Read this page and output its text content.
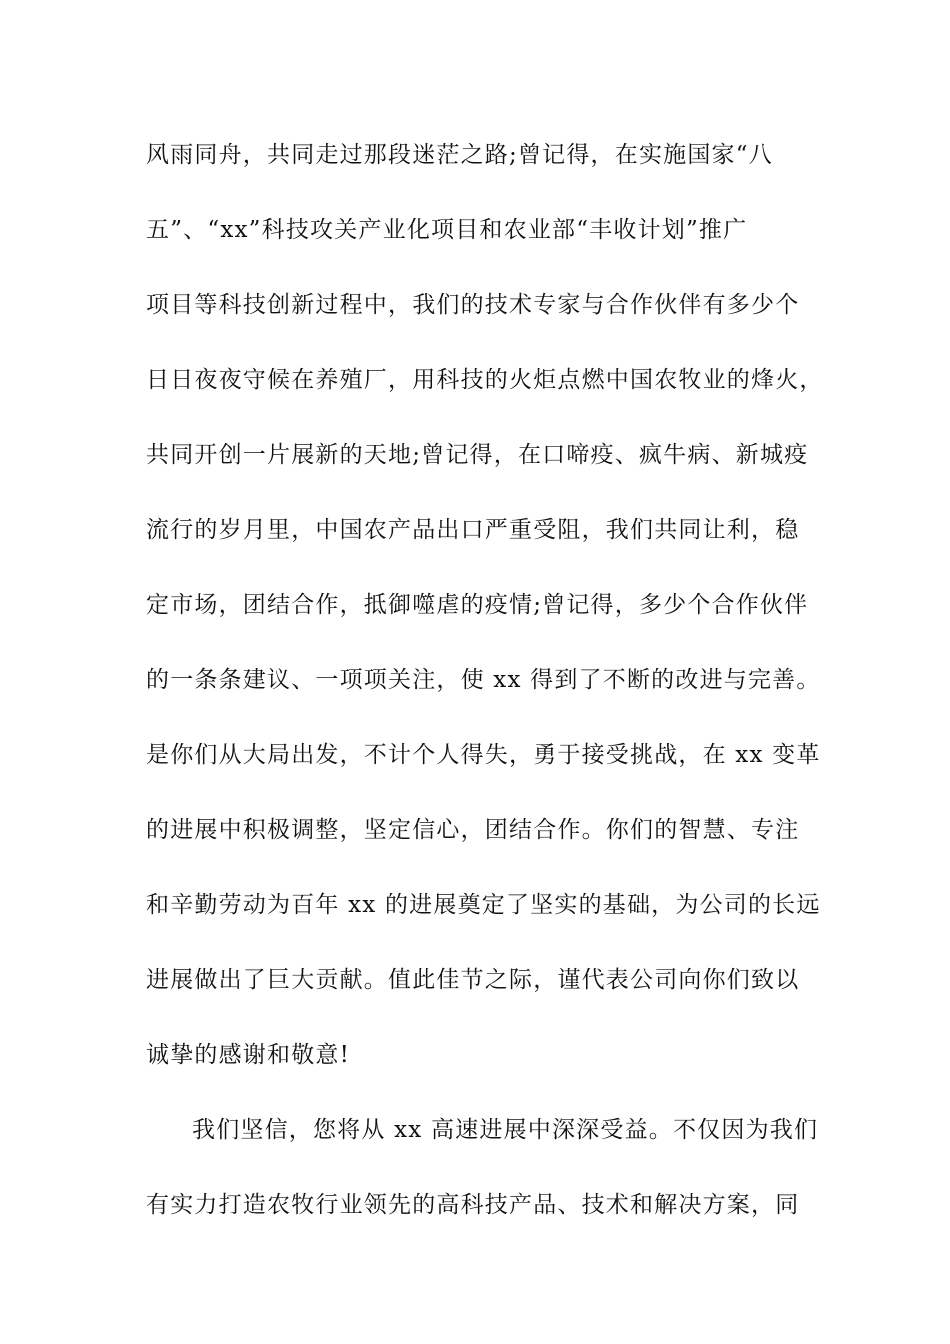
风雨同舟，共同走过那段迷茫之路;曾记得，在实施国家“八
五”、“xx”科技攻关产业化项目和农业部“丰收计划”推广
项目等科技创新过程中，我们的技术专家与合作伙伴有多少个
日日夜夜守候在养殖厂，用科技的火炬点燃中国农牧业的烽火，
共同开创一片展新的天地;曾记得，在口啼疫、疯牛病、新城疫
流行的岁月里，中国农产品出口严重受阻，我们共同让利，稳
定市场，团结合作，抵御噬虐的疫情;曾记得，多少个合作伙伴
的一条条建议、一项项关注，使 xx 得到了不断的改进与完善。
是你们从大局出发，不计个人得失，勇于接受挑战，在 xx 变革
的进展中积极调整，坚定信心，团结合作。你们的智慧、专注
和辛勤劳动为百年 xx 的进展奠定了坚实的基础，为公司的长远
进展做出了巨大贡献。值此佳节之际，谨代表公司向你们致以
诚挚的感谢和敬意!
我们坚信，您将从 xx 高速进展中深深受益。不仅因为我们
有实力打造农牧行业领先的高科技产品、技术和解决方案，同
